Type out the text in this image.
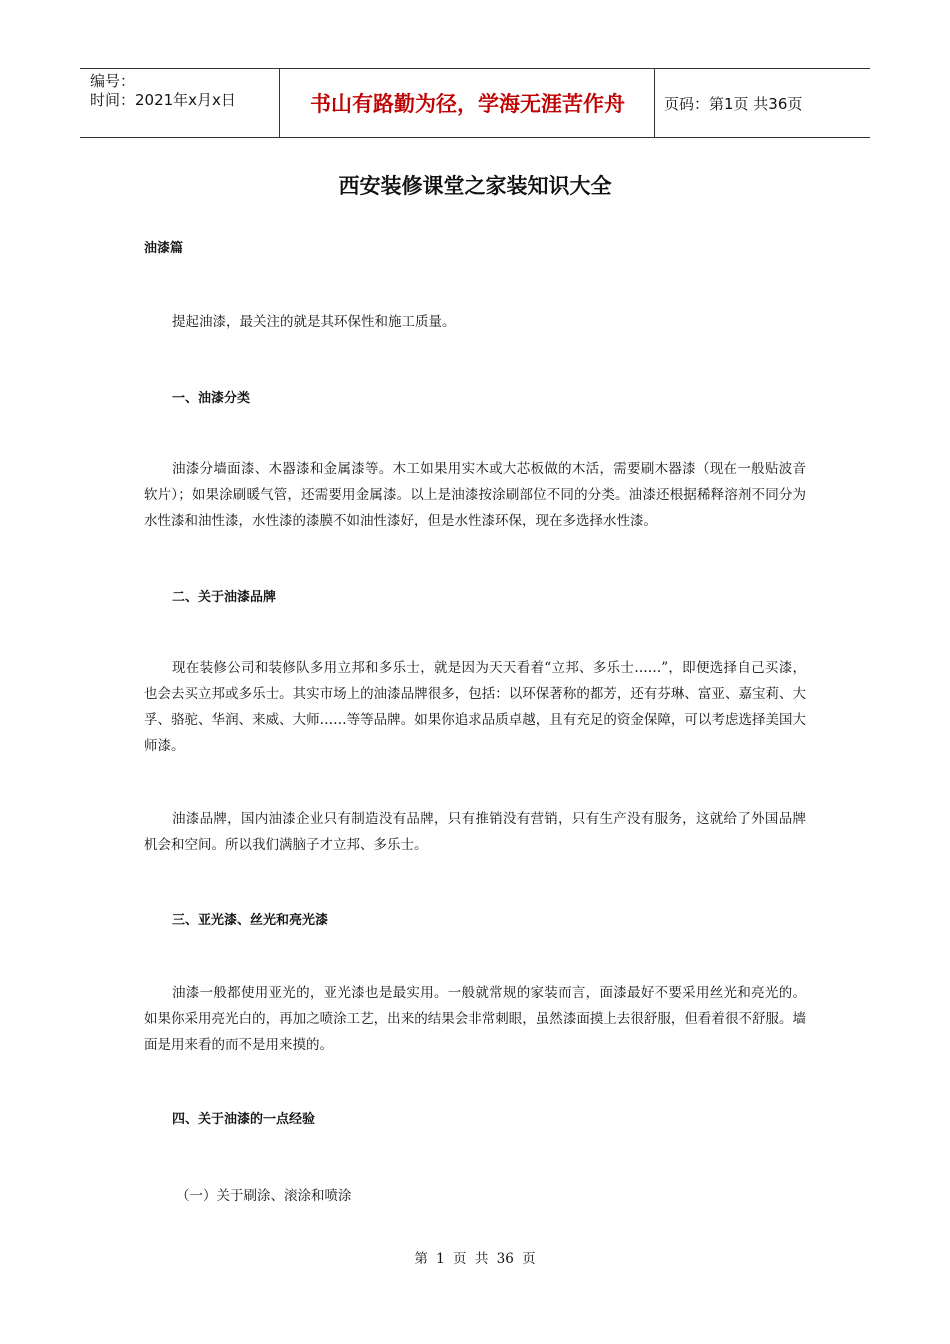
编号：
时间：2021年x月x日	书山有路勤为径，学海无涯苦作舟	页码：第1页 共36页
西安装修课堂之家装知识大全
油漆篇
提起油漆，最关注的就是其环保性和施工质量。
一、油漆分类
油漆分墙面漆、木器漆和金属漆等。木工如果用实木或大芯板做的木活，需要刷木器漆（现在一般贴波音软片）；如果涂刷暖气管，还需要用金属漆。以上是油漆按涂刷部位不同的分类。油漆还根据稀释溶剂不同分为水性漆和油性漆，水性漆的漆膜不如油性漆好，但是水性漆环保，现在多选择水性漆。
二、关于油漆品牌
现在装修公司和装修队多用立邦和多乐士，就是因为天天看着“立邦、多乐士……”，即便选择自己买漆，也会去买立邦或多乐士。其实市场上的油漆品牌很多，包括：以环保著称的都芳，还有芬琳、富亚、嘉宝莉、大孚、骆驼、华润、来威、大师……等等品牌。如果你追求品质卓越，且有充足的资金保障，可以考虑选择美国大师漆。
油漆品牌，国内油漆企业只有制造没有品牌，只有推销没有营销，只有生产没有服务，这就给了外国品牌机会和空间。所以我们满脑子才立邦、多乐士。
三、亚光漆、丝光和亮光漆
油漆一般都使用亚光的，亚光漆也是最实用。一般就常规的家装而言，面漆最好不要采用丝光和亮光的。如果你采用亮光白的，再加之喷涂工艺，出来的结果会非常刺眼，虽然漆面摸上去很舒服，但看着很不舒服。墙面是用来看的而不是用来摸的。
四、关于油漆的一点经验
（一）关于刷涂、滚涂和喷涂
第 1 页 共 36 页
